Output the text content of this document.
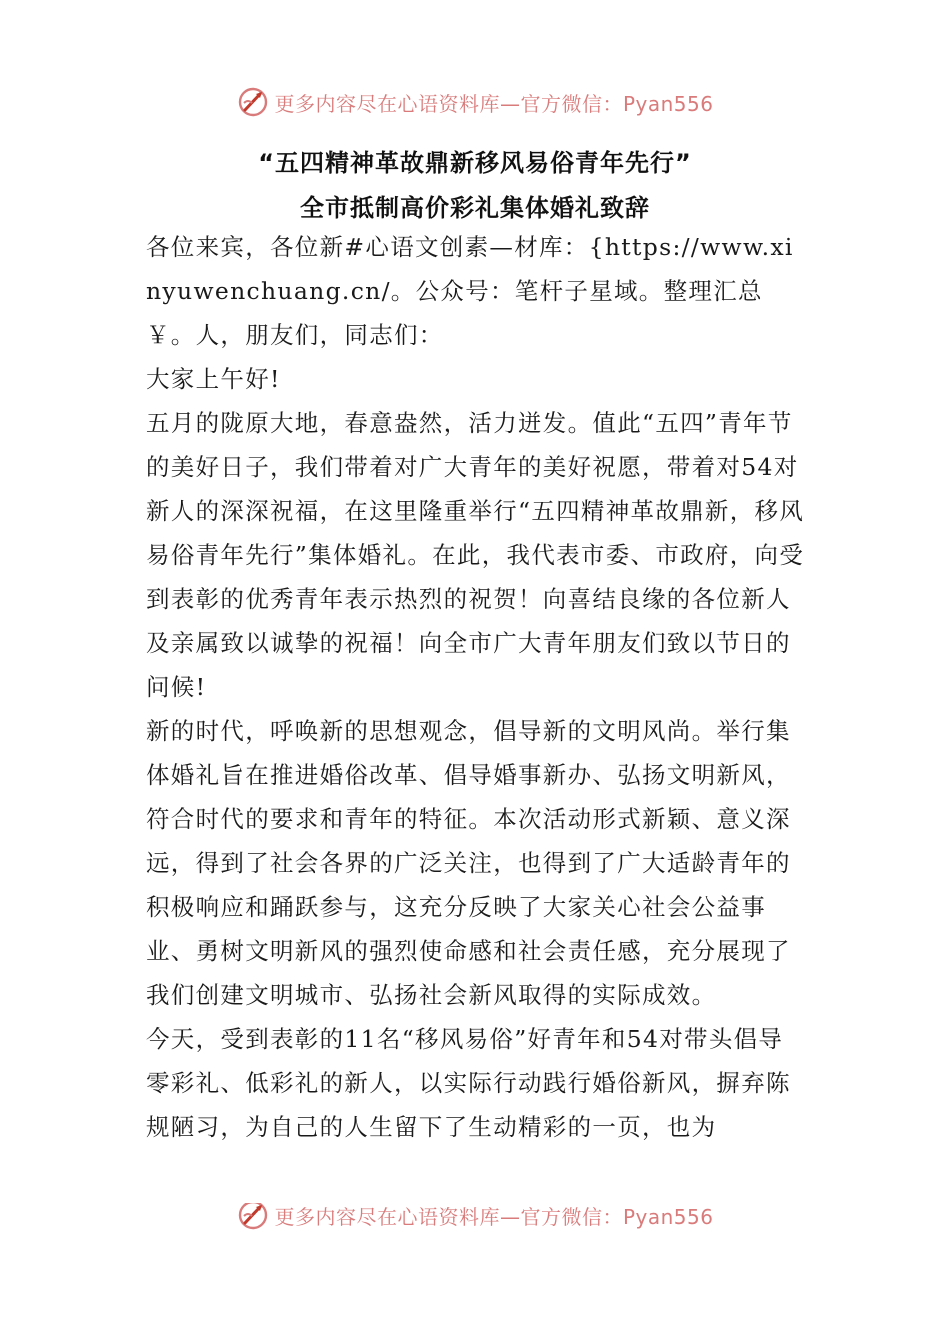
更多内容尽在心语资料库—官方微信：Pyan556
“五四精神革故鼎新移风易俗青年先行”
全市抵制高价彩礼集体婚礼致辞

各位来宾，各位新#心语文创素—材库：{https://www.xinyuwenchuang.cn/。公众号：笔杆子星域。整理汇总￥。人，朋友们，同志们：

大家上午好!

五月的陇原大地，春意盎然，活力迸发。值此“五四”青年节的美好日子，我们带着对广大青年的美好祝愿，带着对54对新人的深深祝福，在这里隆重举行“五四精神革故鼎新，移风易俗青年先行”集体婚礼。在此，我代表市委、市政府，向受到表彰的优秀青年表示热烈的祝贺！向喜结良缘的各位新人及亲属致以诚挚的祝福！向全市广大青年朋友们致以节日的问候!

新的时代，呼唤新的思想观念，倡导新的文明风尚。举行集体婚礼旨在推进婚俗改革、倡导婚事新办、弘扬文明新风，符合时代的要求和青年的特征。本次活动形式新颖、意义深远，得到了社会各界的广泛关注，也得到了广大适龄青年的积极响应和踊跃参与，这充分反映了大家关心社会公益事业、勇树文明新风的强烈使命感和社会责任感，充分展现了我们创建文明城市、弘扬社会新风取得的实际成效。

今天，受到表彰的11名“移风易俗”好青年和54对带头倡导零彩礼、低彩礼的新人，以实际行动践行婚俗新风，摒弃陈规陋习，为自己的人生留下了生动精彩的一页，也为

更多内容尽在心语资料库—官方微信：Pyan556
